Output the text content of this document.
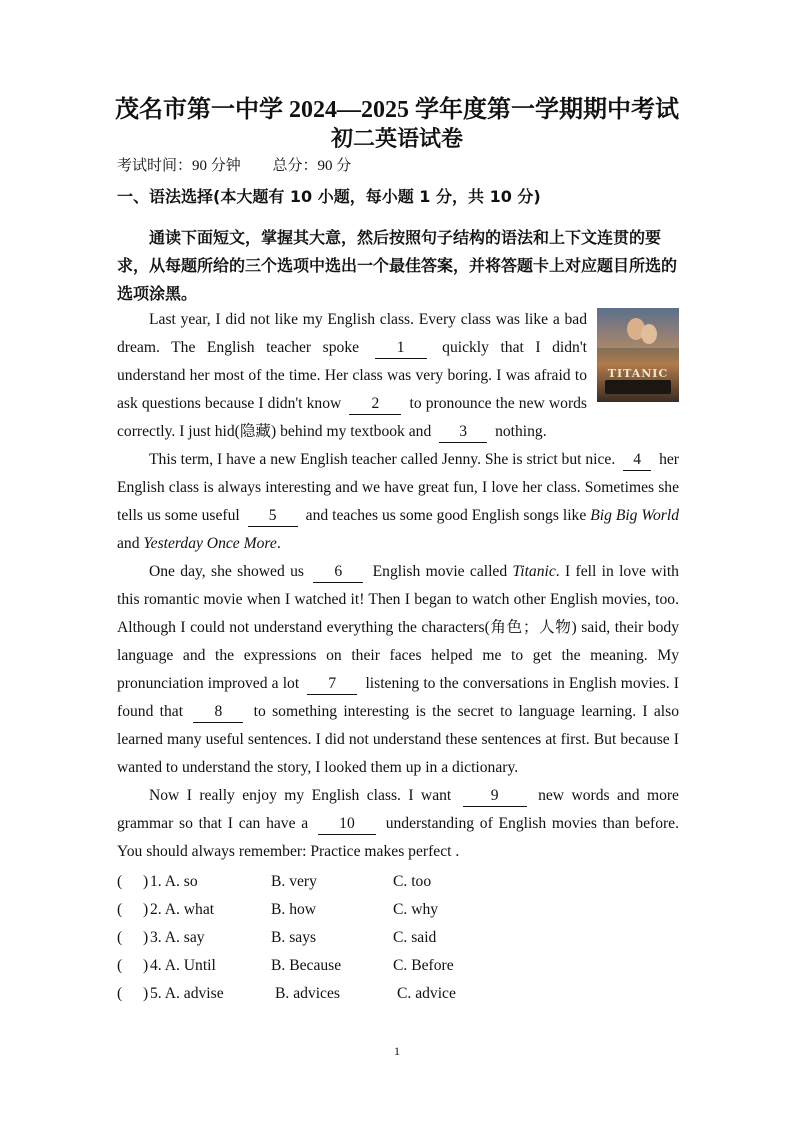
茂名市第一中学 2024—2025 学年度第一学期期中考试
初二英语试卷
考试时间：90 分钟 总分：90 分
一、语法选择(本大题有 10 小题，每小题 1 分，共 10 分)
通读下面短文，掌握其大意，然后按照句子结构的语法和上下文连贯的要求，从每题所给的三个选项中选出一个最佳答案，并将答题卡上对应题目所选的选项涂黑。
TITANIC

Last year, I did not like my English class. Every class was like a bad dream. The English teacher spoke 1 quickly that I didn't understand her most of the time. Her class was very boring. I was afraid to ask questions because I didn't know 2 to pronounce the new words correctly. I just hid(隐藏) behind my textbook and 3 nothing.

This term, I have a new English teacher called Jenny. She is strict but nice. 4 her English class is always interesting and we have great fun, I love her class. Sometimes she tells us some useful 5 and teaches us some good English songs like Big Big World and Yesterday Once More.

One day, she showed us 6 English movie called Titanic. I fell in love with this romantic movie when I watched it! Then I began to watch other English movies, too. Although I could not understand everything the characters(角色；人物) said, their body language and the expressions on their faces helped me to get the meaning. My pronunciation improved a lot 7 listening to the conversations in English movies. I found that 8 to something interesting is the secret to language learning. I also learned many useful sentences. I did not understand these sentences at first. But because I wanted to understand the story, I looked them up in a dictionary.

Now I really enjoy my English class. I want	9	new words and more grammar so that I can have a 10 understanding of English movies than before. You should always remember: Practice makes perfect .

( ) 1. A. so	B. very	C. too
( ) 2. A. what	B. how	C. why
( ) 3. A. say	B. says	C. said
( ) 4. A. Until	B. Because	C. Before
( ) 5. A. advise	B. advices	C. advice
1
